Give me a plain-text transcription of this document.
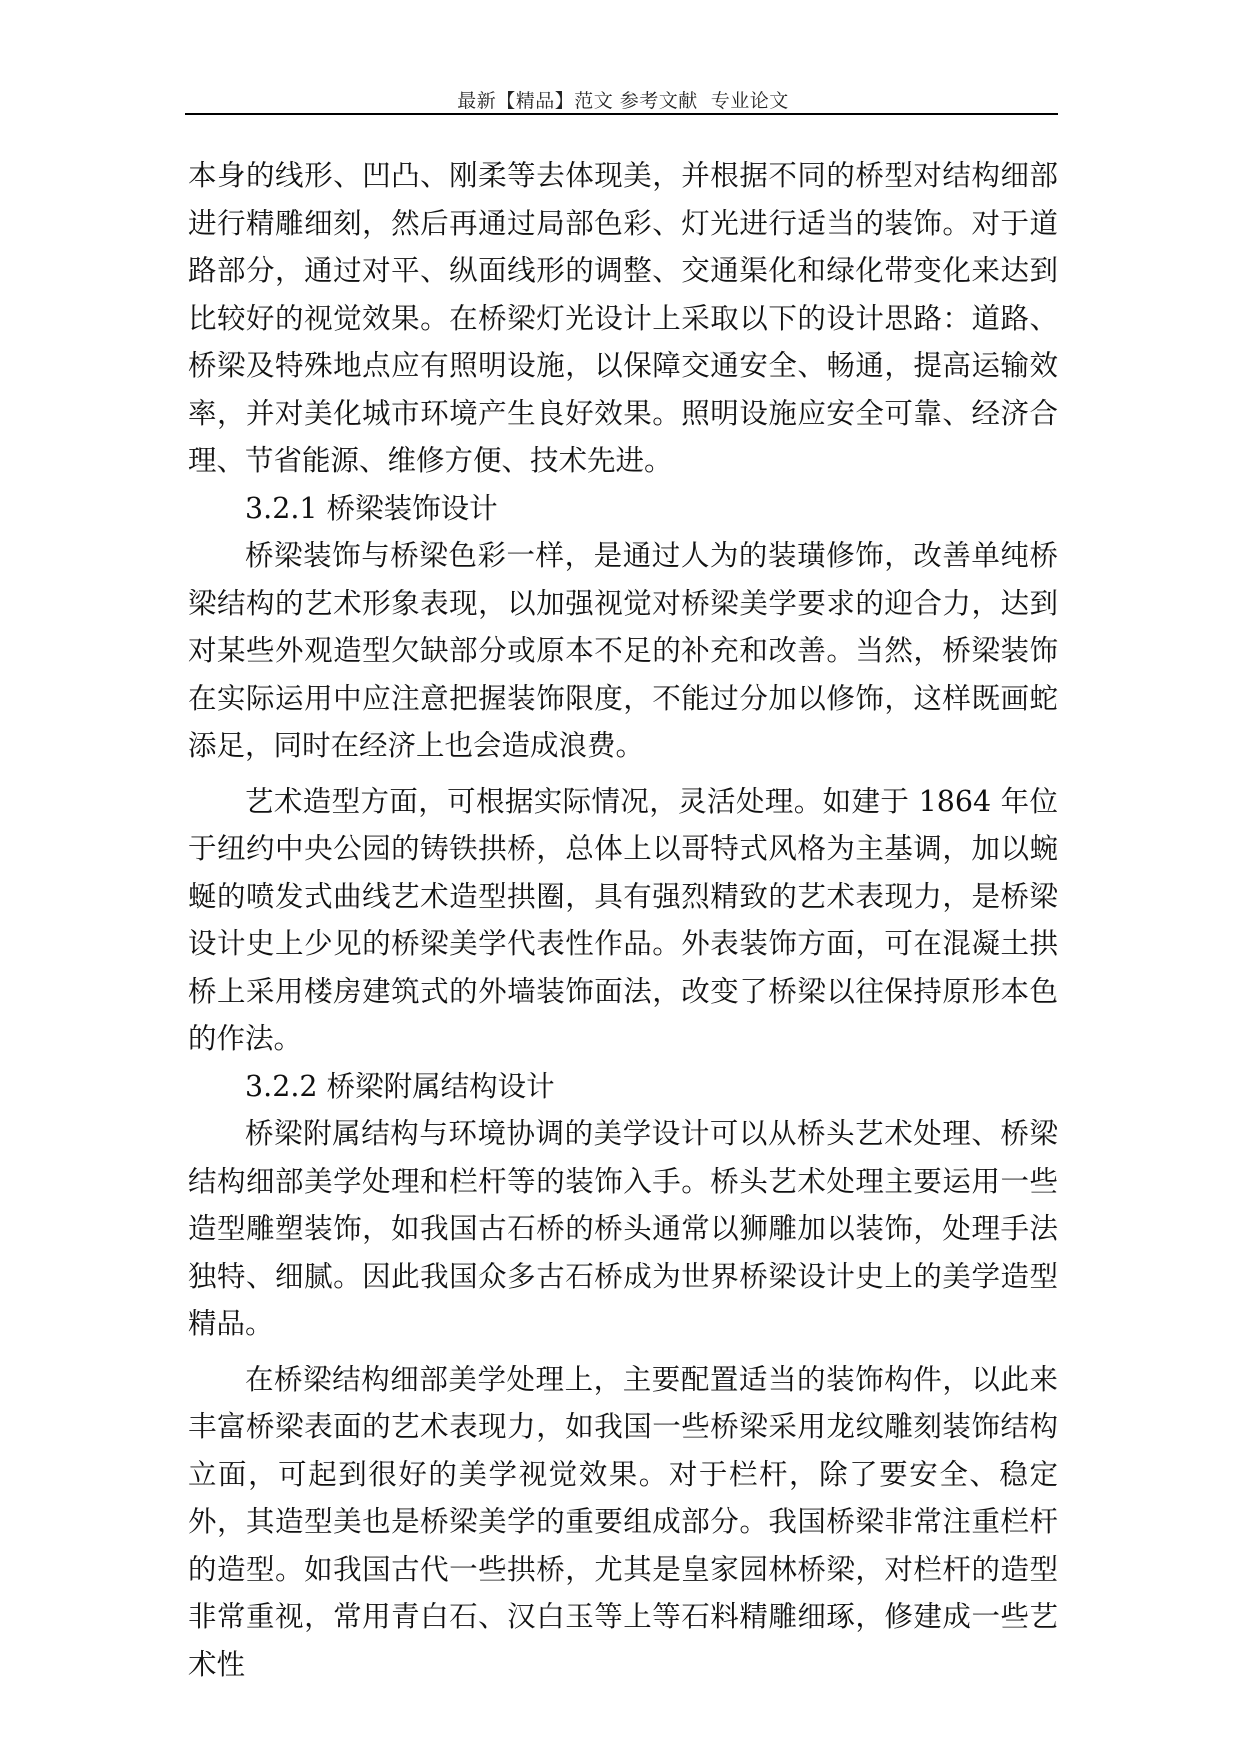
最新【精品】范文 参考文献  专业论文

本身的线形、凹凸、刚柔等去体现美，并根据不同的桥型对结构细部进行精雕细刻，然后再通过局部色彩、灯光进行适当的装饰。对于道路部分，通过对平、纵面线形的调整、交通渠化和绿化带变化来达到比较好的视觉效果。在桥梁灯光设计上采取以下的设计思路：道路、桥梁及特殊地点应有照明设施，以保障交通安全、畅通，提高运输效率，并对美化城市环境产生良好效果。照明设施应安全可靠、经济合理、节省能源、维修方便、技术先进。

3.2.1 桥梁装饰设计

桥梁装饰与桥梁色彩一样，是通过人为的装璜修饰，改善单纯桥梁结构的艺术形象表现，以加强视觉对桥梁美学要求的迎合力，达到对某些外观造型欠缺部分或原本不足的补充和改善。当然，桥梁装饰在实际运用中应注意把握装饰限度，不能过分加以修饰，这样既画蛇添足，同时在经济上也会造成浪费。

艺术造型方面，可根据实际情况，灵活处理。如建于 1864 年位于纽约中央公园的铸铁拱桥，总体上以哥特式风格为主基调，加以蜿蜒的喷发式曲线艺术造型拱圈，具有强烈精致的艺术表现力，是桥梁设计史上少见的桥梁美学代表性作品。外表装饰方面，可在混凝土拱桥上采用楼房建筑式的外墙装饰面法，改变了桥梁以往保持原形本色的作法。

3.2.2 桥梁附属结构设计

桥梁附属结构与环境协调的美学设计可以从桥头艺术处理、桥梁结构细部美学处理和栏杆等的装饰入手。桥头艺术处理主要运用一些造型雕塑装饰，如我国古石桥的桥头通常以狮雕加以装饰，处理手法独特、细腻。因此我国众多古石桥成为世界桥梁设计史上的美学造型精品。

在桥梁结构细部美学处理上，主要配置适当的装饰构件，以此来丰富桥梁表面的艺术表现力，如我国一些桥梁采用龙纹雕刻装饰结构立面，可起到很好的美学视觉效果。对于栏杆，除了要安全、稳定外，其造型美也是桥梁美学的重要组成部分。我国桥梁非常注重栏杆的造型。如我国古代一些拱桥，尤其是皇家园林桥梁，对栏杆的造型非常重视，常用青白石、汉白玉等上等石料精雕细琢，修建成一些艺术性
